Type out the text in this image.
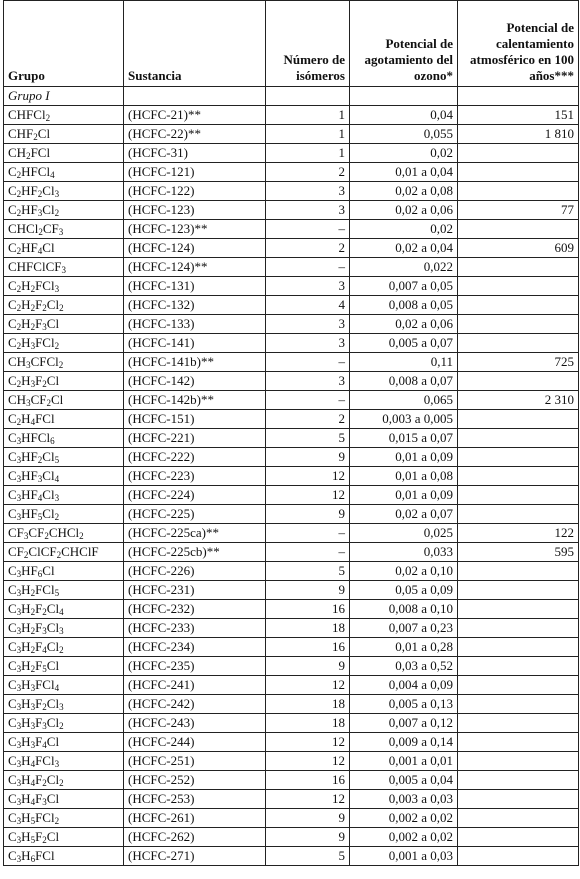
Grupo	Sustancia	Número de isómeros	Potencial de agotamiento del ozono*	Potencial de calentamiento atmosférico en 100 años***
Grupo I				
CHFCl$_2$	(HCFC-21)**	1	0,04	151
$CHF_2Cl$	(HCFC-22)**	1	0,055	1 810
$CH_2FCl$	(HCFC-31)	1	0,02	
$C_2HFCl_4$	(HCFC-121)	2	0,01 a 0,04	
$C_2HF_2Cl_3$	(HCFC-122)	3	0,02 a 0,08	
$C_2HF_3Cl_2$	(HCFC-123)	3	0,02 a 0,06	77
$CHCl_2CF_3$	(HCFC-123)**	–	0,02	
$C_2HF_4Cl$	(HCFC-124)	2	0,02 a 0,04	609
CHFClCF$_3$	(HCFC-124)**	–	0,022	
$C_2H_2FCl_3$	(HCFC-131)	3	0,007 a 0,05	
$C_2H_2F_2Cl_2$	(HCFC-132)	4	0,008 a 0,05	
$C_2H_2F_3Cl$	(HCFC-133)	3	0,02 a 0,06	
$C_2H_3FCl_2$	(HCFC-141)	3	0,005 a 0,07	
$CH_3CFCl_2$	(HCFC-141b)**	–	0,11	725
$C_2H_3F_2Cl$	(HCFC-142)	3	0,008 a 0,07	
$CH_3CF_2Cl$	(HCFC-142b)**	–	0,065	2 310
$C_2H_4FCl$	(HCFC-151)	2	0,003 a 0,005	
$C_3HFCl_6$	(HCFC-221)	5	0,015 a 0,07	
$C_3HF_2Cl_5$	(HCFC-222)	9	0,01 a 0,09	
$C_3HF_3Cl_4$	(HCFC-223)	12	0,01 a 0,08	
$C_3HF_4Cl_3$	(HCFC-224)	12	0,01 a 0,09	
$C_3HF_5Cl_2$	(HCFC-225)	9	0,02 a 0,07	
$CF_3CF_2CHCl_2$	(HCFC-225ca)**	–	0,025	122
$CF_2ClCF_2CHClF$	(HCFC-225cb)**	–	0,033	595
$C_3HF_6Cl$	(HCFC-226)	5	0,02 a 0,10	
$C_3H_2FCl_5$	(HCFC-231)	9	0,05 a 0,09	
$C_3H_2F_2Cl_4$	(HCFC-232)	16	0,008 a 0,10	
$C_3H_2F_3Cl_3$	(HCFC-233)	18	0,007 a 0,23	
$C_3H_2F_4Cl_2$	(HCFC-234)	16	0,01 a 0,28	
$C_3H_2F_5Cl$	(HCFC-235)	9	0,03 a 0,52	
$C_3H_3FCl_4$	(HCFC-241)	12	0,004 a 0,09	
$C_3H_3F_2Cl_3$	(HCFC-242)	18	0,005 a 0,13	
$C_3H_3F_3Cl_2$	(HCFC-243)	18	0,007 a 0,12	
$C_3H_3F_4Cl$	(HCFC-244)	12	0,009 a 0,14	
$C_3H_4FCl_3$	(HCFC-251)	12	0,001 a 0,01	
$C_3H_4F_2Cl_2$	(HCFC-252)	16	0,005 a 0,04	
$C_3H_4F_3Cl$	(HCFC-253)	12	0,003 a 0,03	
$C_3H_5FCl_2$	(HCFC-261)	9	0,002 a 0,02	
$C_3H_5F_2Cl$	(HCFC-262)	9	0,002 a 0,02	
$C_3H_6FCl$	(HCFC-271)	5	0,001 a 0,03	
